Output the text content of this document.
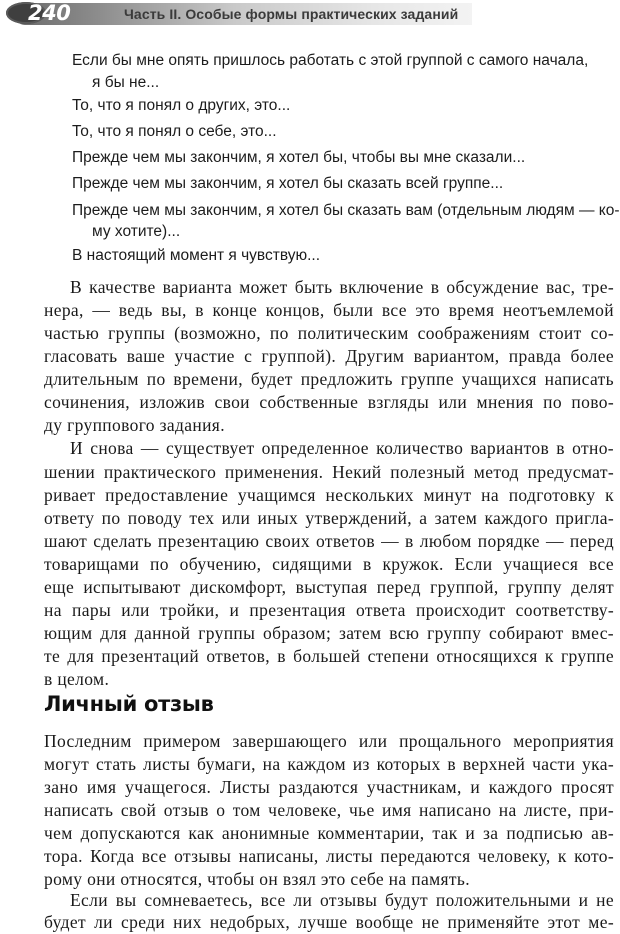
240	Часть II. Особые формы практических заданий
Если бы мне опять пришлось работать с этой группой с самого начала,
я бы не...
То, что я понял о других, это...
То, что я понял о себе, это...
Прежде чем мы закончим, я хотел бы, чтобы вы мне сказали...
Прежде чем мы закончим, я хотел бы сказать всей группе...
Прежде чем мы закончим, я хотел бы сказать вам (отдельным людям — ко-
му хотите)...
В настоящий момент я чувствую...
В качестве варианта может быть включение в обсуждение вас, тре-
нера, — ведь вы, в конце концов, были все это время неотъемлемой
частью группы (возможно, по политическим соображениям стоит со-
гласовать ваше участие с группой). Другим вариантом, правда более
длительным по времени, будет предложить группе учащихся написать
сочинения, изложив свои собственные взгляды или мнения по пово-
ду группового задания.
И снова — существует определенное количество вариантов в отно-
шении практического применения. Некий полезный метод предусмат-
ривает предоставление учащимся нескольких минут на подготовку к
ответу по поводу тех или иных утверждений, а затем каждого пригла-
шают сделать презентацию своих ответов — в любом порядке — перед
товарищами по обучению, сидящими в кружок. Если учащиеся все
еще испытывают дискомфорт, выступая перед группой, группу делят
на пары или тройки, и презентация ответа происходит соответству-
ющим для данной группы образом; затем всю группу собирают вмес-
те для презентаций ответов, в большей степени относящихся к группе
в целом.
Личный отзыв
Последним примером завершающего или прощального мероприятия
могут стать листы бумаги, на каждом из которых в верхней части ука-
зано имя учащегося. Листы раздаются участникам, и каждого просят
написать свой отзыв о том человеке, чье имя написано на листе, при-
чем допускаются как анонимные комментарии, так и за подписью ав-
тора. Когда все отзывы написаны, листы передаются человеку, к кото-
рому они относятся, чтобы он взял это себе на память.
Если вы сомневаетесь, все ли отзывы будут положительными и не
будет ли среди них недобрых, лучше вообще не применяйте этот ме-
